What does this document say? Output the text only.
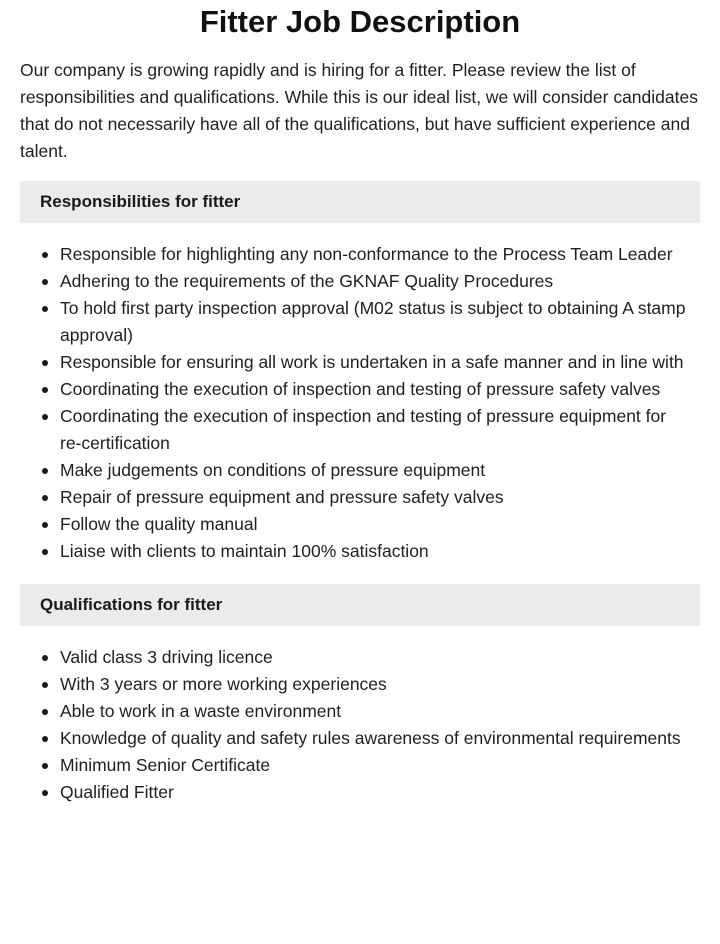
Fitter Job Description

Our company is growing rapidly and is hiring for a fitter. Please review the list of responsibilities and qualifications. While this is our ideal list, we will consider candidates that do not necessarily have all of the qualifications, but have sufficient experience and talent.

Responsibilities for fitter
Responsible for highlighting any non-conformance to the Process Team Leader
Adhering to the requirements of the GKNAF Quality Procedures
To hold first party inspection approval (M02 status is subject to obtaining A stamp approval)
Responsible for ensuring all work is undertaken in a safe manner and in line with
Coordinating the execution of inspection and testing of pressure safety valves
Coordinating the execution of inspection and testing of pressure equipment for re-certification
Make judgements on conditions of pressure equipment
Repair of pressure equipment and pressure safety valves
Follow the quality manual
Liaise with clients to maintain 100% satisfaction
Qualifications for fitter
Valid class 3 driving licence
With 3 years or more working experiences
Able to work in a waste environment
Knowledge of quality and safety rules awareness of environmental requirements
Minimum Senior Certificate
Qualified Fitter
